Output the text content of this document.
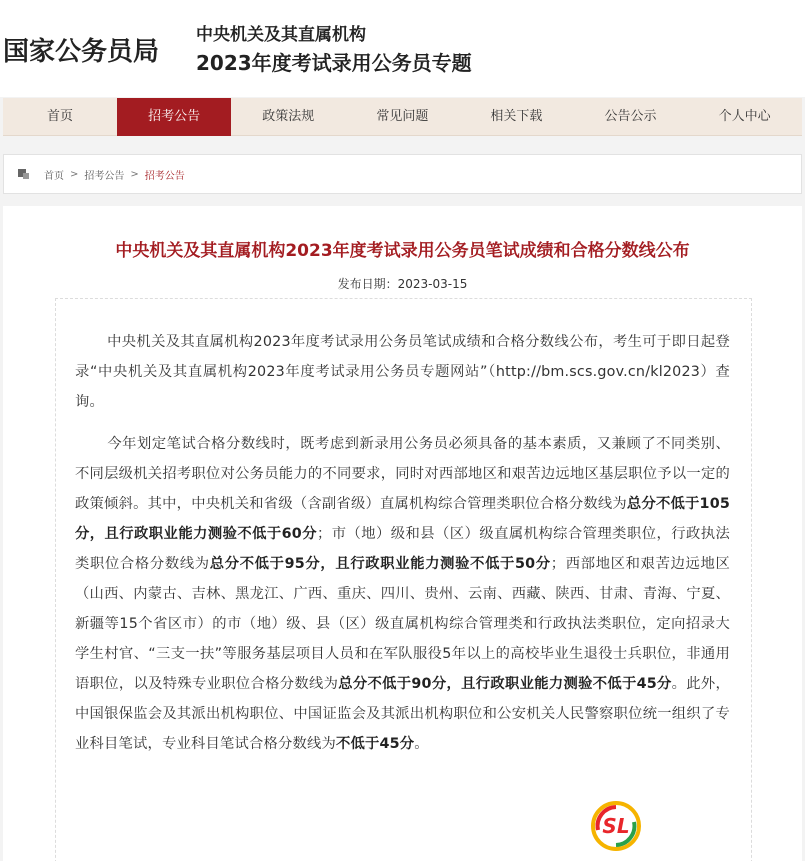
国家公务员局
中央机关及其直属机构
2023年度考试录用公务员专题
首页	招考公告	政策法规	常见问题	相关下载	公告公示	个人中心
首页 > 招考公告 > 招考公告
中央机关及其直属机构2023年度考试录用公务员笔试成绩和合格分数线公布
发布日期：2023-03-15
中央机关及其直属机构2023年度考试录用公务员笔试成绩和合格分数线公布，考生可于即日起登录“中央机关及其直属机构2023年度考试录用公务员专题网站”（http://bm.scs.gov.cn/kl2023）查询。
今年划定笔试合格分数线时，既考虑到新录用公务员必须具备的基本素质，又兼顾了不同类别、不同层级机关招考职位对公务员能力的不同要求，同时对西部地区和艰苦边远地区基层职位予以一定的政策倾斜。其中，中央机关和省级（含副省级）直属机构综合管理类职位合格分数线为总分不低于105分，且行政职业能力测验不低于60分；市（地）级和县（区）级直属机构综合管理类职位，行政执法类职位合格分数线为总分不低于95分，且行政职业能力测验不低于50分；西部地区和艰苦边远地区（山西、内蒙古、吉林、黑龙江、广西、重庆、四川、贵州、云南、西藏、陕西、甘肃、青海、宁夏、新疆等15个省区市）的市（地）级、县（区）级直属机构综合管理类和行政执法类职位，定向招录大学生村官、“三支一扶”等服务基层项目人员和在军队服役5年以上的高校毕业生退役士兵职位，非通用语职位，以及特殊专业职位合格分数线为总分不低于90分，且行政职业能力测验不低于45分。此外，中国银保监会及其派出机构职位、中国证监会及其派出机构职位和公安机关人民警察职位统一组织了专业科目笔试，专业科目笔试合格分数线为不低于45分。
SL
